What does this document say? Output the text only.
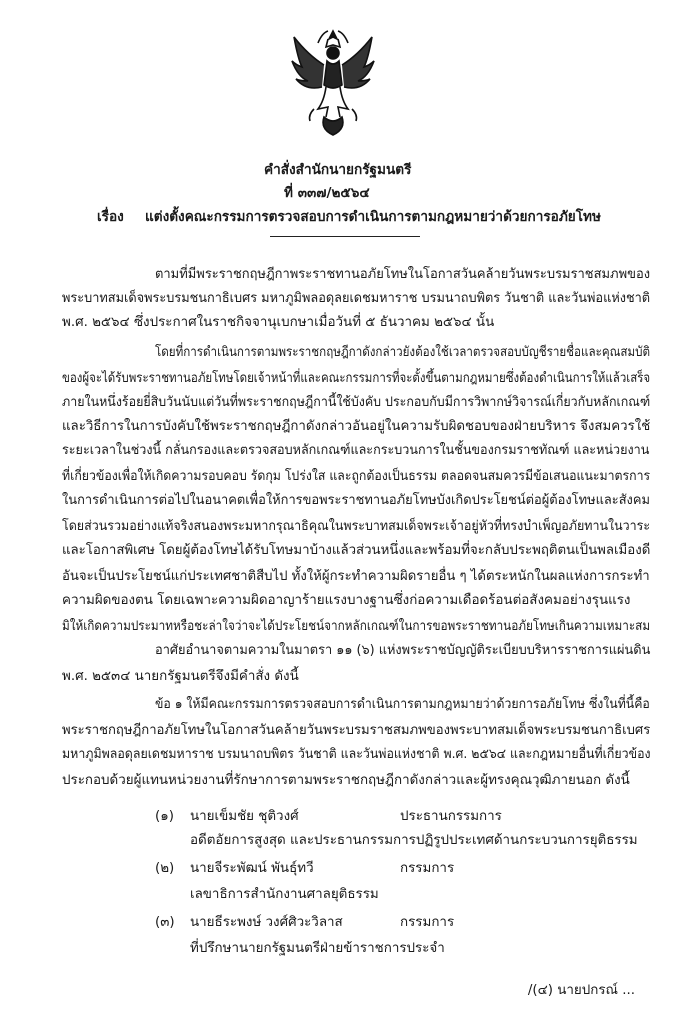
คำสั่งสำนักนายกรัฐมนตรี
ที่ ๓๓๗/๒๕๖๔
เรื่อง แต่งตั้งคณะกรรมการตรวจสอบการดำเนินการตามกฎหมายว่าด้วยการอภัยโทษ
ตามที่มีพระราชกฤษฎีกาพระราชทานอภัยโทษในโอกาสวันคล้ายวันพระบรมราชสมภพของ
พระบาทสมเด็จพระบรมชนกาธิเบศร มหาภูมิพลอดุลยเดชมหาราช บรมนาถบพิตร วันชาติ และวันพ่อแห่งชาติ
พ.ศ. ๒๕๖๔ ซึ่งประกาศในราชกิจจานุเบกษาเมื่อวันที่ ๕ ธันวาคม ๒๕๖๔ นั้น
โดยที่การดำเนินการตามพระราชกฤษฎีกาดังกล่าวยังต้องใช้เวลาตรวจสอบบัญชีรายชื่อและคุณสมบัติ
ของผู้จะได้รับพระราชทานอภัยโทษโดยเจ้าหน้าที่และคณะกรรมการที่จะตั้งขึ้นตามกฎหมายซึ่งต้องดำเนินการให้แล้วเสร็จ
ภายในหนึ่งร้อยยี่สิบวันนับแต่วันที่พระราชกฤษฎีกานี้ใช้บังคับ ประกอบกับมีการวิพากษ์วิจารณ์เกี่ยวกับหลักเกณฑ์
และวิธีการในการบังคับใช้พระราชกฤษฎีกาดังกล่าวอันอยู่ในความรับผิดชอบของฝ่ายบริหาร จึงสมควรใช้
ระยะเวลาในช่วงนี้ กลั่นกรองและตรวจสอบหลักเกณฑ์และกระบวนการในชั้นของกรมราชทัณฑ์ และหน่วยงาน
ที่เกี่ยวข้องเพื่อให้เกิดความรอบคอบ รัดกุม โปร่งใส และถูกต้องเป็นธรรม ตลอดจนสมควรมีข้อเสนอแนะมาตรการ
ในการดำเนินการต่อไปในอนาคตเพื่อให้การขอพระราชทานอภัยโทษบังเกิดประโยชน์ต่อผู้ต้องโทษและสังคม
โดยส่วนรวมอย่างแท้จริงสนองพระมหากรุณาธิคุณในพระบาทสมเด็จพระเจ้าอยู่หัวที่ทรงบำเพ็ญอภัยทานในวาระ
และโอกาสพิเศษ โดยผู้ต้องโทษได้รับโทษมาบ้างแล้วส่วนหนึ่งและพร้อมที่จะกลับประพฤติตนเป็นพลเมืองดี
อันจะเป็นประโยชน์แก่ประเทศชาติสืบไป ทั้งให้ผู้กระทำความผิดรายอื่น ๆ ได้ตระหนักในผลแห่งการกระทำ
ความผิดของตน โดยเฉพาะความผิดอาญาร้ายแรงบางฐานซึ่งก่อความเดือดร้อนต่อสังคมอย่างรุนแรง
มิให้เกิดความประมาทหรือชะล่าใจว่าจะได้ประโยชน์จากหลักเกณฑ์ในการขอพระราชทานอภัยโทษเกินความเหมาะสม
อาศัยอำนาจตามความในมาตรา ๑๑ (๖) แห่งพระราชบัญญัติระเบียบบริหารราชการแผ่นดิน
พ.ศ. ๒๕๓๔ นายกรัฐมนตรีจึงมีคำสั่ง ดังนี้
ข้อ ๑ ให้มีคณะกรรมการตรวจสอบการดำเนินการตามกฎหมายว่าด้วยการอภัยโทษ ซึ่งในที่นี้คือ
พระราชกฤษฎีกาอภัยโทษในโอกาสวันคล้ายวันพระบรมราชสมภพของพระบาทสมเด็จพระบรมชนกาธิเบศร
มหาภูมิพลอดุลยเดชมหาราช บรมนาถบพิตร วันชาติ และวันพ่อแห่งชาติ พ.ศ. ๒๕๖๔ และกฎหมายอื่นที่เกี่ยวข้อง
ประกอบด้วยผู้แทนหน่วยงานที่รักษาการตามพระราชกฤษฎีกาดังกล่าวและผู้ทรงคุณวุฒิภายนอก ดังนี้
(๑) นายเข็มชัย ชุติวงศ์	ประธานกรรมการ
อดีตอัยการสูงสุด และประธานกรรมการปฏิรูปประเทศด้านกระบวนการยุติธรรม
(๒) นายจีระพัฒน์ พันธุ์ทวี	กรรมการ
เลขาธิการสำนักงานศาลยุติธรรม
(๓) นายธีระพงษ์ วงศ์ศิวะวิลาส	กรรมการ
ที่ปรึกษานายกรัฐมนตรีฝ่ายข้าราชการประจำ
/(๔) นายปกรณ์ ...
